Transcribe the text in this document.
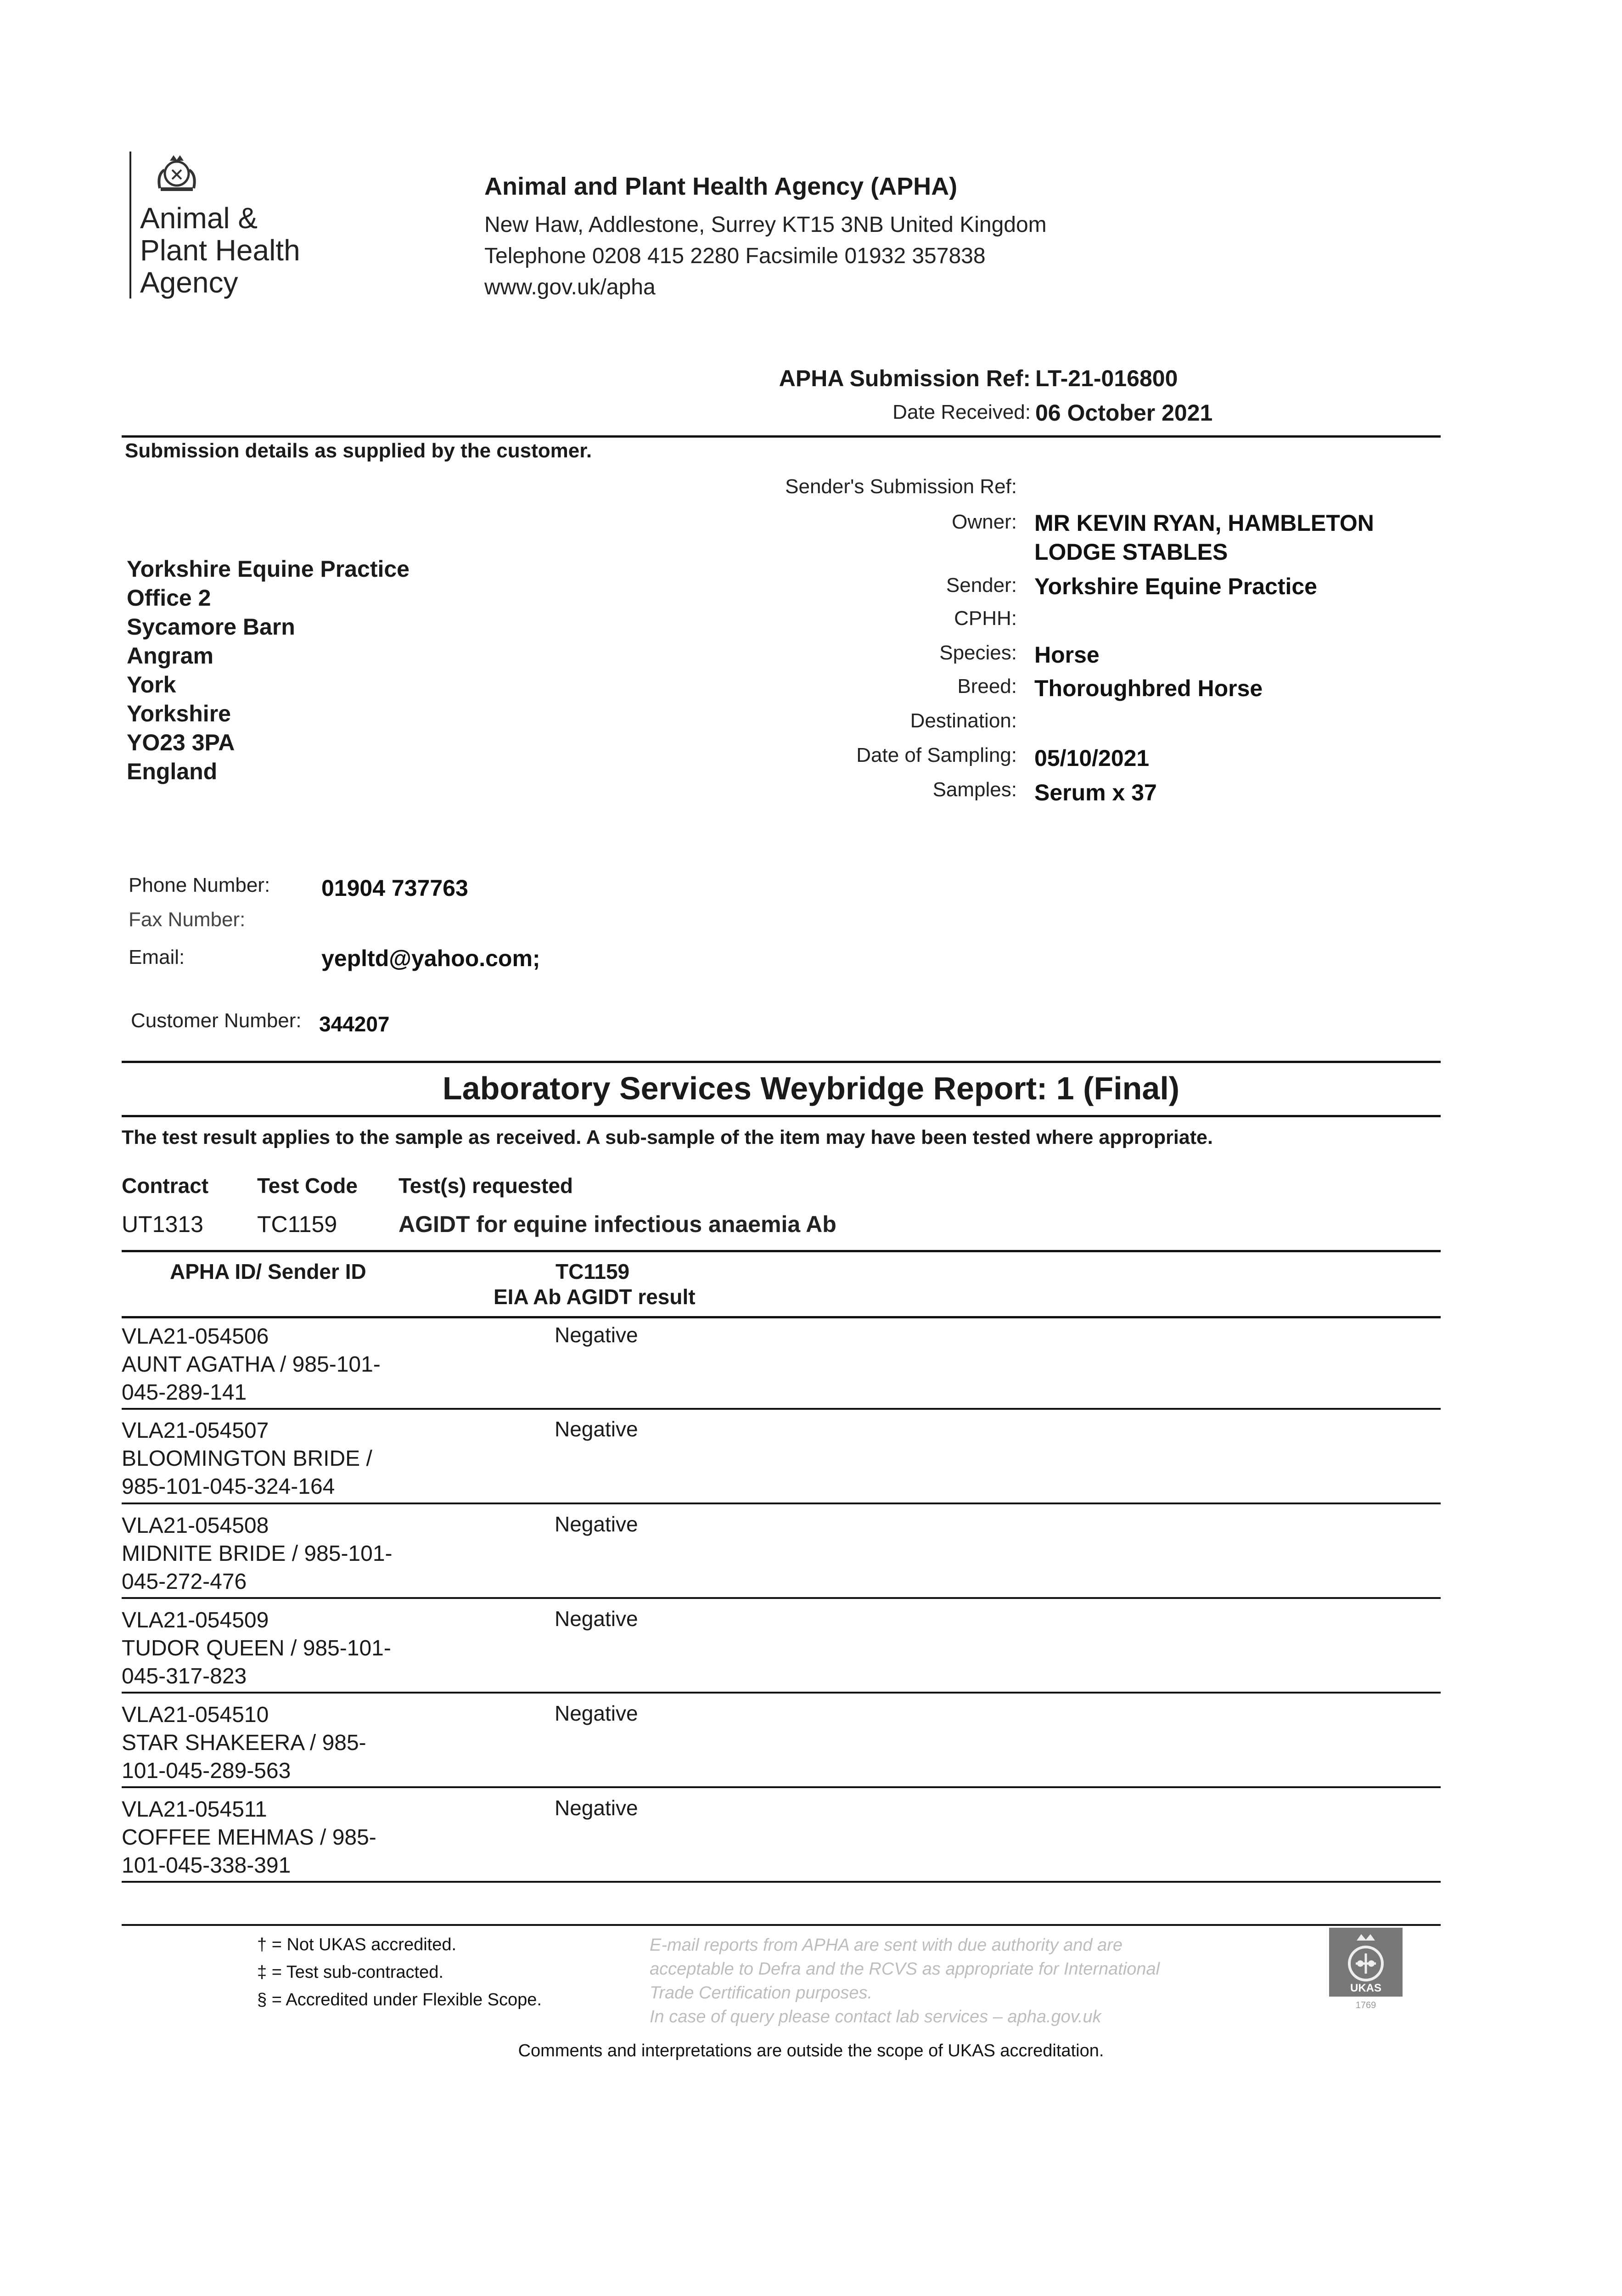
Animal &
Plant Health
Agency
Animal and Plant Health Agency (APHA)
New Haw, Addlestone, Surrey KT15 3NB United Kingdom
Telephone 0208 415 2280 Facsimile 01932 357838
www.gov.uk/apha
APHA Submission Ref: LT-21-016800
Date Received: 06 October 2021
Submission details as supplied by the customer.
Yorkshire Equine Practice
Office 2
Sycamore Barn
Angram
York
Yorkshire
YO23 3PA
England
Sender's Submission Ref:
Owner: MR KEVIN RYAN, HAMBLETON
LODGE STABLES
Sender: Yorkshire Equine Practice
CPHH:
Species: Horse
Breed: Thoroughbred Horse
Destination:
Date of Sampling: 05/10/2021
Samples: Serum x 37
Phone Number: 01904 737763
Fax Number:
Email:	yepltd@yahoo.com;
Customer Number: 344207
Laboratory Services Weybridge Report: 1 (Final)
The test result applies to the sample as received. A sub-sample of the item may have been tested where appropriate.
Contract Test Code Test(s) requested
UT1313 TC1159	AGIDT for equine infectious anaemia Ab
APHA ID/ Sender ID	TC1159
EIA Ab AGIDT result
VLA21-054506
AUNT AGATHA / 985-101-
045-289-141
Negative
VLA21-054507
BLOOMINGTON BRIDE /
985-101-045-324-164
Negative
VLA21-054508
MIDNITE BRIDE / 985-101-
045-272-476
Negative
VLA21-054509
TUDOR QUEEN / 985-101-
045-317-823
Negative
VLA21-054510
STAR SHAKEERA / 985-
101-045-289-563
Negative
VLA21-054511
COFFEE MEHMAS / 985-
101-045-338-391
Negative
† = Not UKAS accredited.
‡ = Test sub-contracted.
§ = Accredited under Flexible Scope.
E-mail reports from APHA are sent with due authority and are
acceptable to Defra and the RCVS as appropriate for International
Trade Certification purposes.
In case of query please contact lab services – apha.gov.uk
Comments and interpretations are outside the scope of UKAS accreditation.
UKAS
1769
